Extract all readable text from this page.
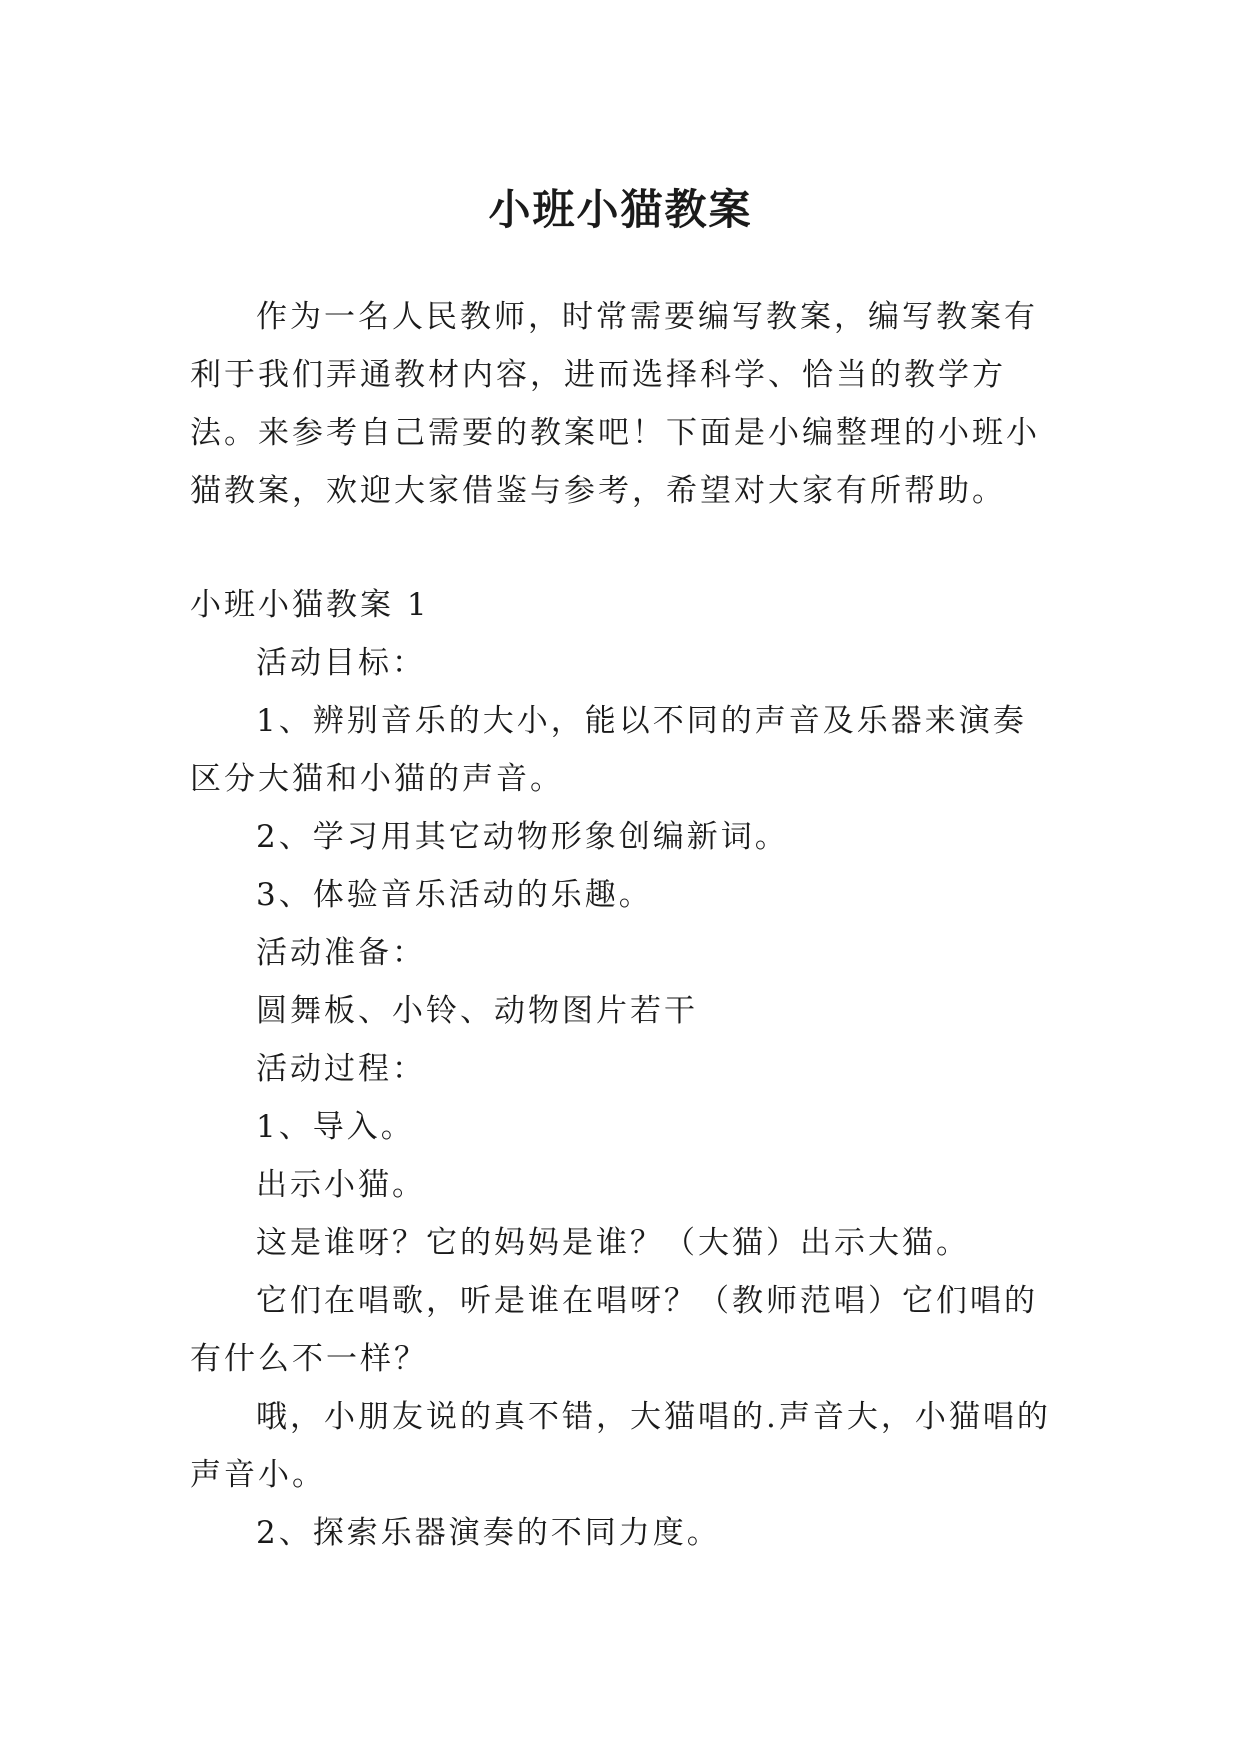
小班小猫教案

作为一名人民教师，时常需要编写教案，编写教案有利于我们弄通教材内容，进而选择科学、恰当的教学方法。来参考自己需要的教案吧！下面是小编整理的小班小猫教案，欢迎大家借鉴与参考，希望对大家有所帮助。

小班小猫教案 1

活动目标：

1、辨别音乐的大小，能以不同的声音及乐器来演奏区分大猫和小猫的声音。

2、学习用其它动物形象创编新词。

3、体验音乐活动的乐趣。

活动准备：

圆舞板、小铃、动物图片若干

活动过程：

1、导入。

出示小猫。

这是谁呀？它的妈妈是谁？（大猫）出示大猫。

它们在唱歌，听是谁在唱呀？（教师范唱）它们唱的有什么不一样？

哦，小朋友说的真不错，大猫唱的.声音大，小猫唱的声音小。

2、探索乐器演奏的不同力度。
